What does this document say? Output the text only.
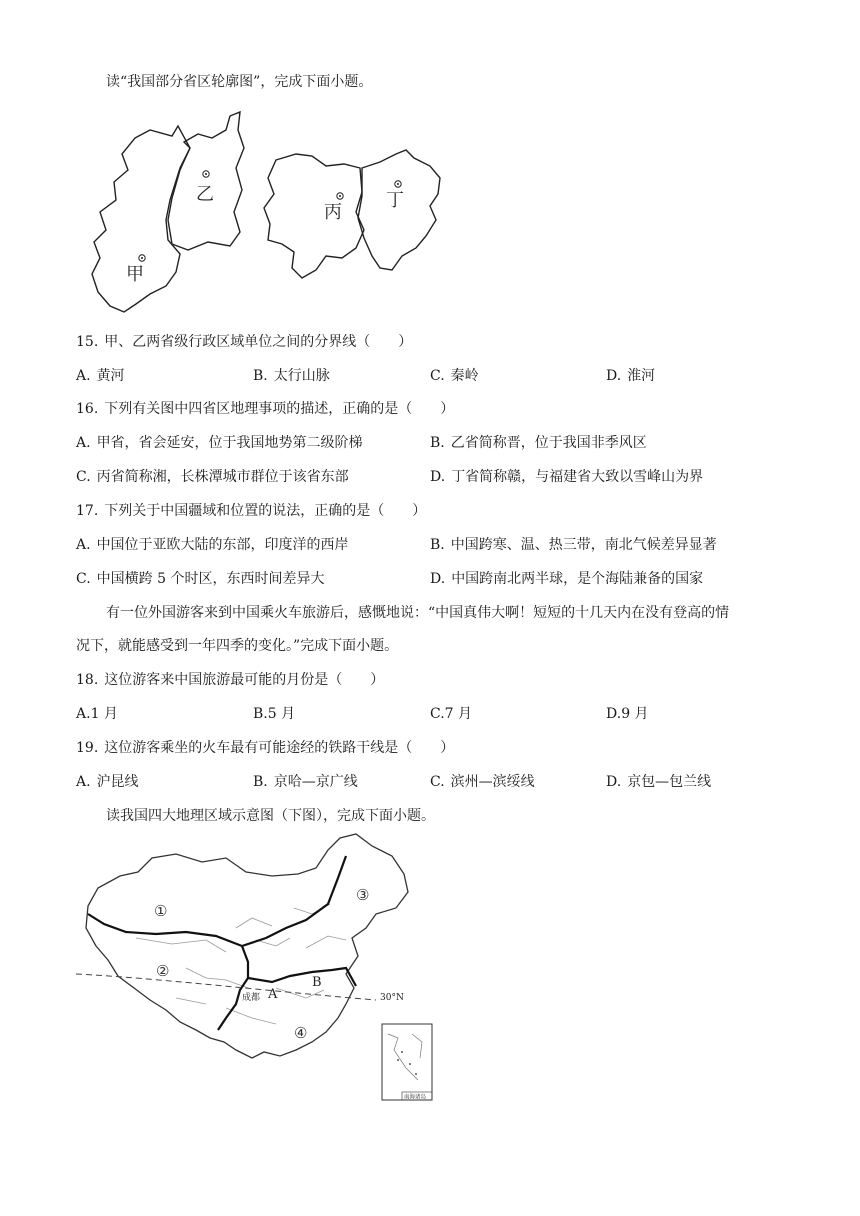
读“我国部分省区轮廓图”，完成下面小题。
甲
乙
丙
丁
15. 甲、乙两省级行政区域单位之间的分界线（　　）
A. 黄河	B. 太行山脉	C. 秦岭	D. 淮河
16. 下列有关图中四省区地理事项的描述，正确的是（　　）
A. 甲省，省会延安，位于我国地势第二级阶梯	B. 乙省简称晋，位于我国非季风区
C. 丙省简称湘，长株潭城市群位于该省东部	D. 丁省简称赣，与福建省大致以雪峰山为界
17. 下列关于中国疆域和位置的说法，正确的是（　　）
A. 中国位于亚欧大陆的东部，印度洋的西岸	B. 中国跨寒、温、热三带，南北气候差异显著
C. 中国横跨 5 个时区，东西时间差异大	D. 中国跨南北两半球，是个海陆兼备的国家
有一位外国游客来到中国乘火车旅游后，感慨地说：“中国真伟大啊！短短的十几天内在没有登高的情
况下，就能感受到一年四季的变化。”完成下面小题。
18. 这位游客来中国旅游最可能的月份是（　　）
A.1 月	B.5 月	C.7 月	D.9 月
19. 这位游客乘坐的火车最有可能途经的铁路干线是（　　）
A. 沪昆线	B. 京哈—京广线	C. 滨州—滨绥线	D. 京包—包兰线
读我国四大地理区域示意图（下图），完成下面小题。
①
②
③
④
A
B
成都	30°N
南海诸岛
